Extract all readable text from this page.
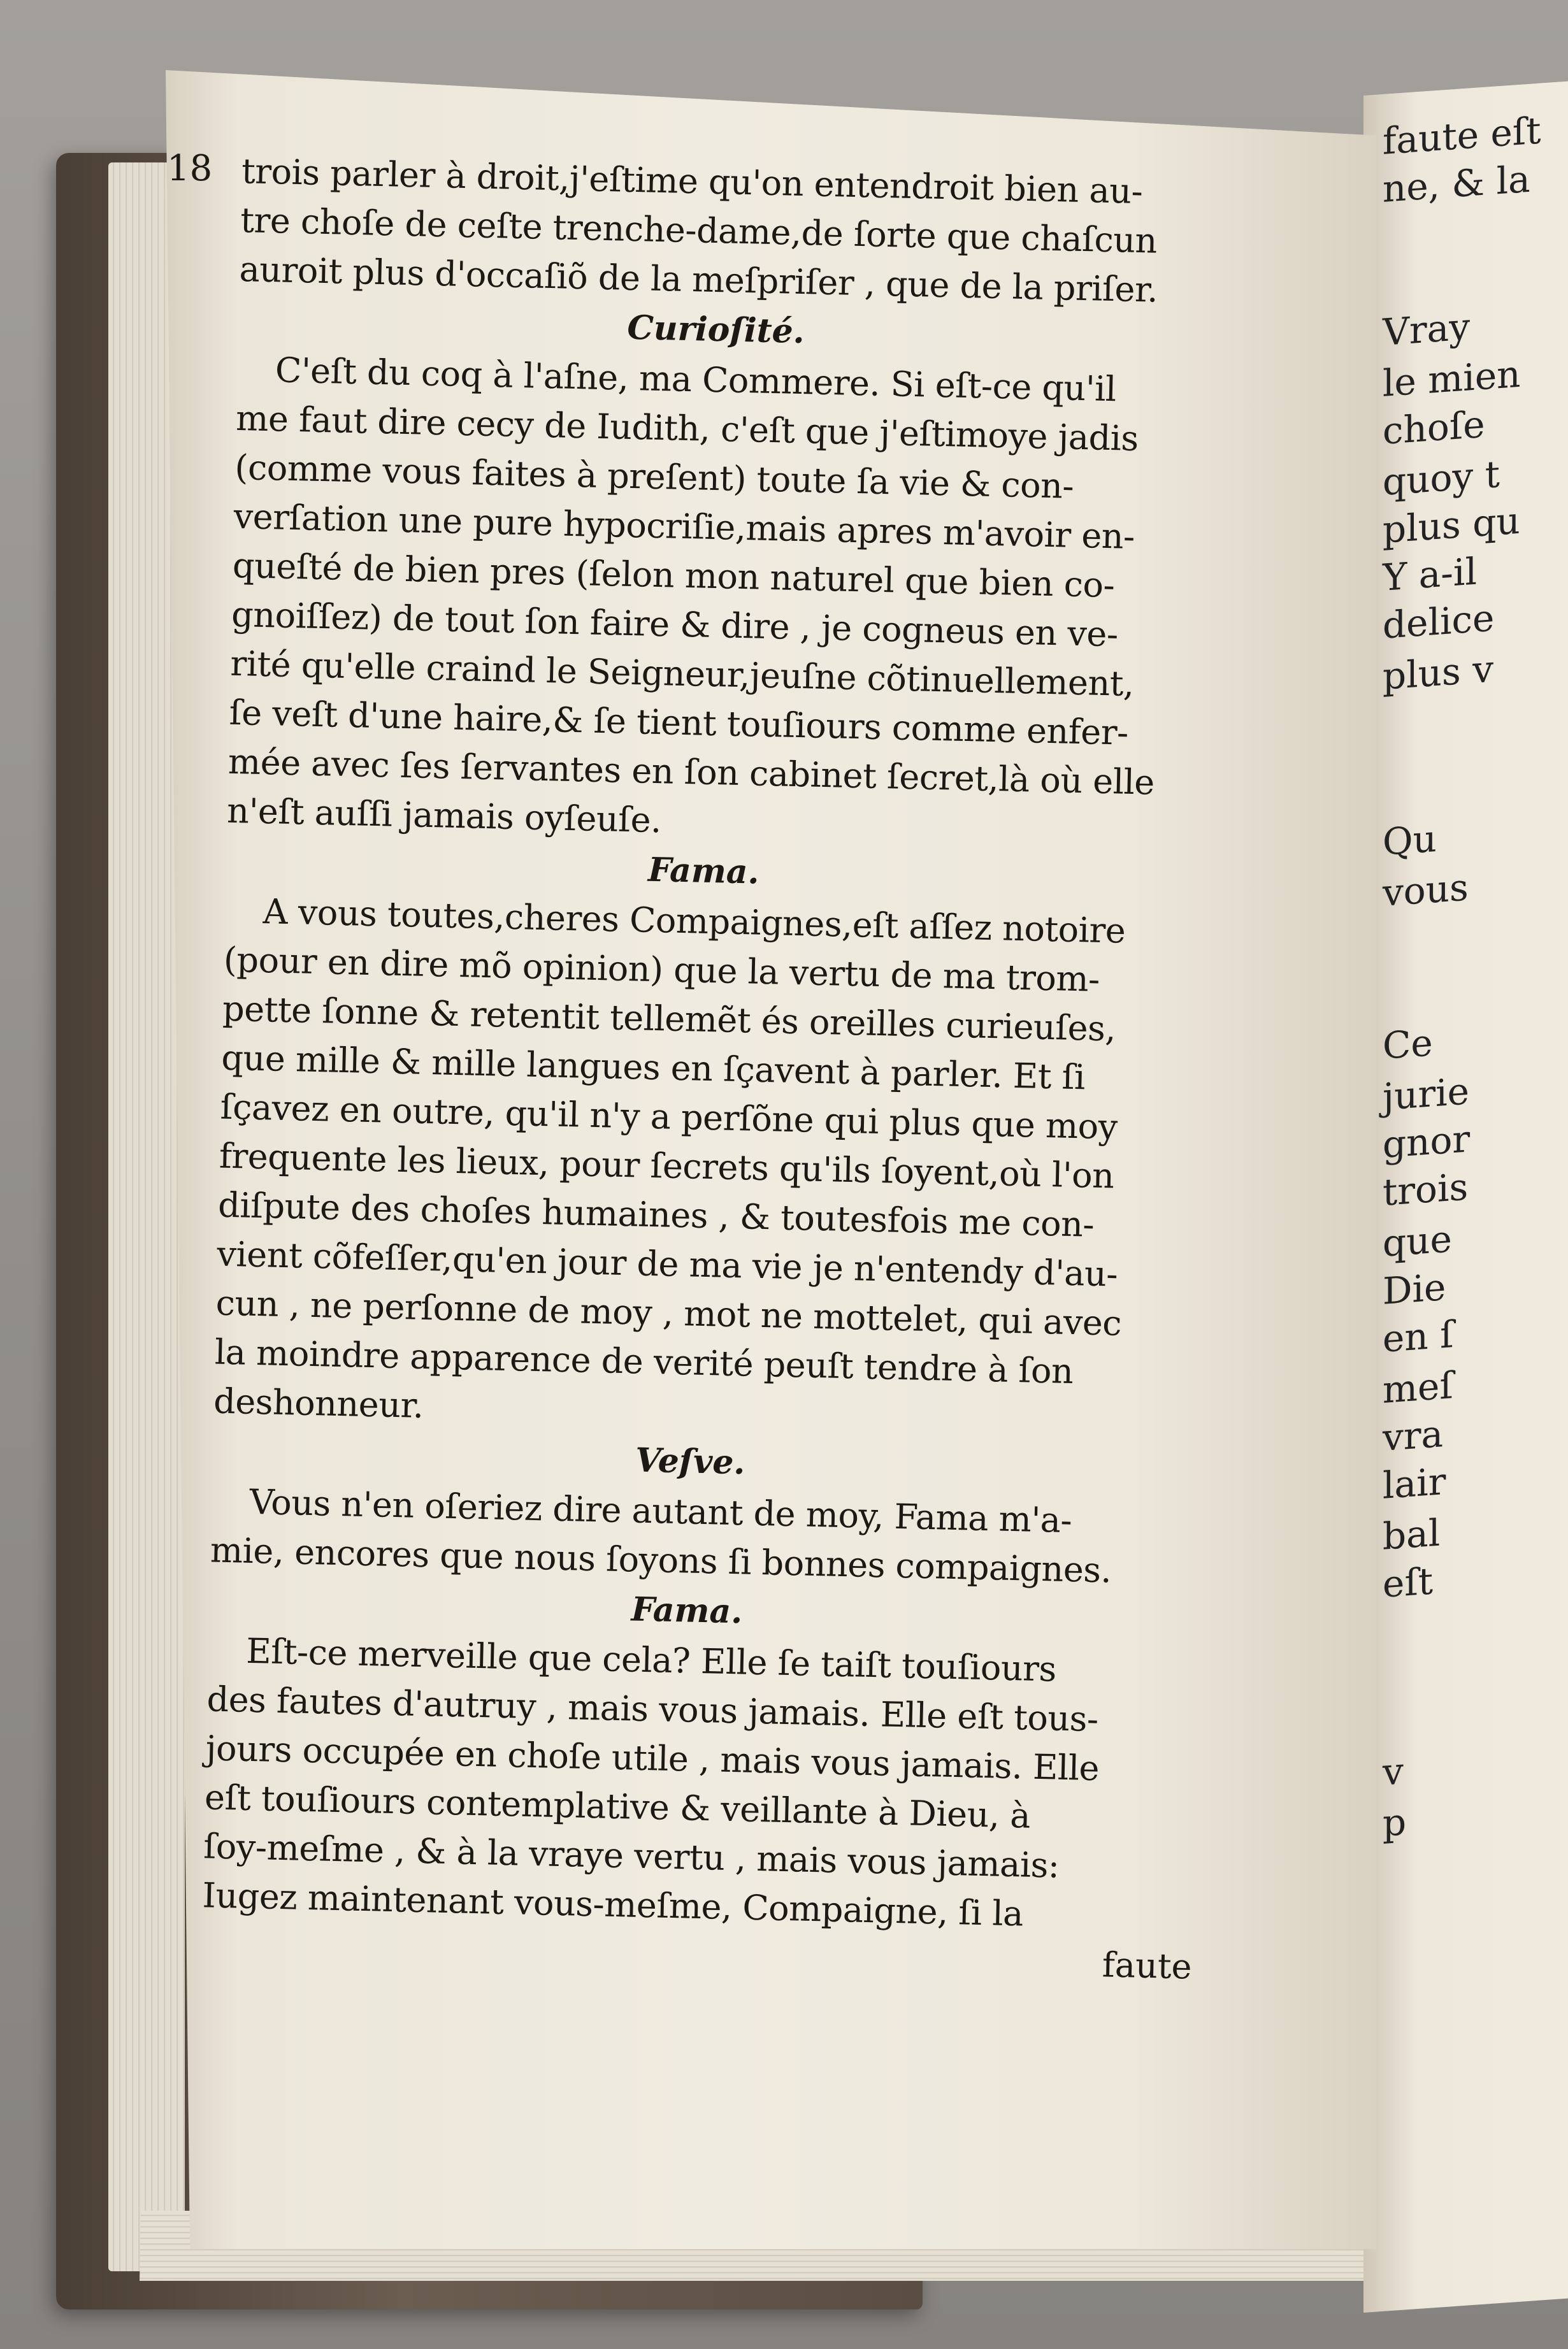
faute eſt
ne, & la
Vray
le mien
choſe
quoy t
plus qu
Y a-il
delice
plus v
Qu
vous
Ce
jurie
gnor
trois
que
Die
en ſ
meſ
vra
lair
bal
eſt
v
p
18 trois parler à droit,j'eſtime qu'on entendroit bien au-
tre choſe de ceſte trenche-dame,de ſorte que chaſcun
auroit plus d'occaſiõ de la meſpriſer , que de la priſer.
Curioſité.
C'eſt du coq à l'aſne, ma Commere. Si eſt-ce qu'il
me faut dire cecy de Iudith, c'eſt que j'eſtimoye jadis
(comme vous faites à preſent) toute ſa vie & con-
verſation une pure hypocriſie,mais apres m'avoir en-
queſté de bien pres (ſelon mon naturel que bien co-
gnoiſſez) de tout ſon faire & dire , je cogneus en ve-
rité qu'elle craind le Seigneur,jeuſne cõtinuellement,
ſe veſt d'une haire,& ſe tient touſiours comme enfer-
mée avec ſes ſervantes en ſon cabinet ſecret,là où elle
n'eſt auſſi jamais oyſeuſe.
Fama.
A vous toutes,cheres Compaignes,eſt aſſez notoire
(pour en dire mõ opinion) que la vertu de ma trom-
pette ſonne & retentit tellemẽt és oreilles curieuſes,
que mille & mille langues en ſçavent à parler. Et ſi
ſçavez en outre, qu'il n'y a perſõne qui plus que moy
frequente les lieux, pour ſecrets qu'ils ſoyent,où l'on
diſpute des choſes humaines , & toutesfois me con-
vient cõfeſſer,qu'en jour de ma vie je n'entendy d'au-
cun , ne perſonne de moy , mot ne mottelet, qui avec
la moindre apparence de verité peuſt tendre à ſon
deshonneur.
Veſve.
Vous n'en oſeriez dire autant de moy, Fama m'a-
mie, encores que nous ſoyons ſi bonnes compaignes.
Fama.
Eſt-ce merveille que cela? Elle ſe taiſt touſiours
des fautes d'autruy , mais vous jamais. Elle eſt tous-
jours occupée en choſe utile , mais vous jamais. Elle
eſt touſiours contemplative & veillante à Dieu, à
ſoy-meſme , & à la vraye vertu , mais vous jamais:
Iugez maintenant vous-meſme, Compaigne, ſi la
faute
